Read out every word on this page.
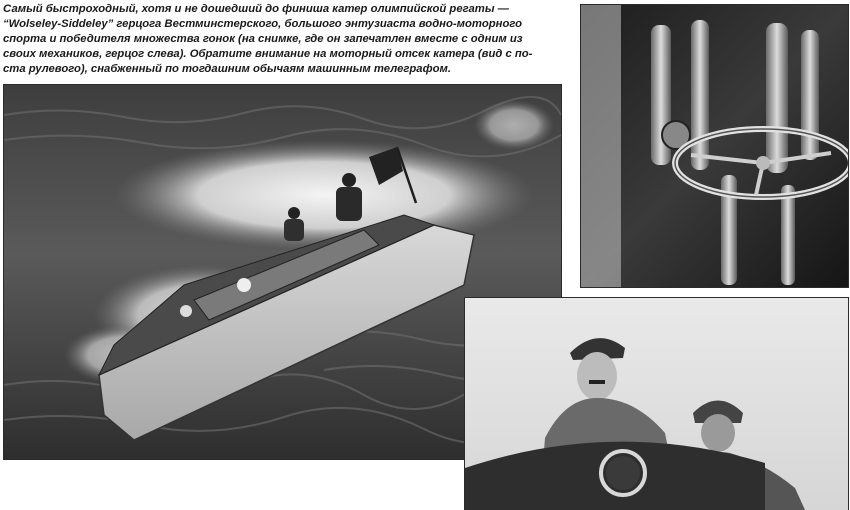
Самый быстроходный, хотя и не дошедший до финиша катер олимпийской регаты —
“Wolseley-Siddeley” герцога Вестминстерского, большого энтузиаста водно-моторного
спорта и победителя множества гонок (на снимке, где он запечатлен вместе с одним из
своих механиков, герцог слева). Обратите внимание на моторный отсек катера (вид с по-
ста рулевого), снабженный по тогдашним обычаям машинным телеграфом.
